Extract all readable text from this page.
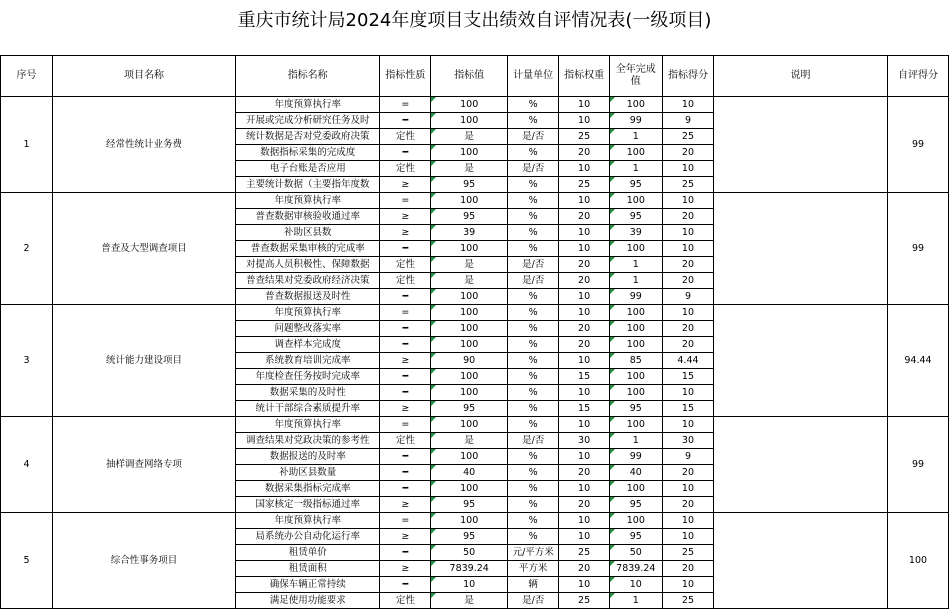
重庆市统计局2024年度项目支出绩效自评情况表(一级项目)
序号	项目名称	指标名称	指标性质	指标值	计量单位	指标权重	全年完成值	指标得分	说明	自评得分
1	经常性统计业务费	年度预算执行率	=	100	%	10	100	10		99
		开展或完成分析研究任务及时	━	100	%	10	99	9		
		统计数据是否对党委政府决策	定性	是	是/否	25	1	25		
		数据指标采集的完成度	━	100	%	20	100	20		
		电子台账是否应用	定性	是	是/否	10	1	10		
		主要统计数据（主要指年度数	≥	95	%	25	95	25		
2	普查及大型调查项目	年度预算执行率	=	100	%	10	100	10		99
		普查数据审核验收通过率	≥	95	%	20	95	20		
		补助区县数	≥	39	%	10	39	10		
		普查数据采集审核的完成率	━	100	%	10	100	10		
		对提高人员积极性、保障数据	定性	是	是/否	20	1	20		
		普查结果对党委政府经济决策	定性	是	是/否	20	1	20		
		普查数据报送及时性	━	100	%	10	99	9		
3	统计能力建设项目	年度预算执行率	=	100	%	10	100	10		94.44
		问题整改落实率	━	100	%	20	100	20		
		调查样本完成度	━	100	%	20	100	20		
		系统教育培训完成率	≥	90	%	10	85	4.44		
		年度检查任务按时完成率	━	100	%	15	100	15		
		数据采集的及时性	━	100	%	10	100	10		
		统计干部综合素质提升率	≥	95	%	15	95	15		
4	抽样调查网络专项	年度预算执行率	=	100	%	10	100	10		99
		调查结果对党政决策的参考性	定性	是	是/否	30	1	30		
		数据报送的及时率	━	100	%	10	99	9		
		补助区县数量	━	40	%	20	40	20		
		数据采集指标完成率	━	100	%	10	100	10		
		国家核定一级指标通过率	≥	95	%	20	95	20		
5	综合性事务项目	年度预算执行率	=	100	%	10	100	10		100
		局系统办公自动化运行率	≥	95	%	10	95	10		
		租赁单价	━	50	元/平方米	25	50	25		
		租赁面积	≥	7839.24	平方米	20	7839.24	20		
		确保车辆正常持续	━	10	辆	10	10	10		
		满足使用功能要求	定性	是	是/否	25	1	25		
